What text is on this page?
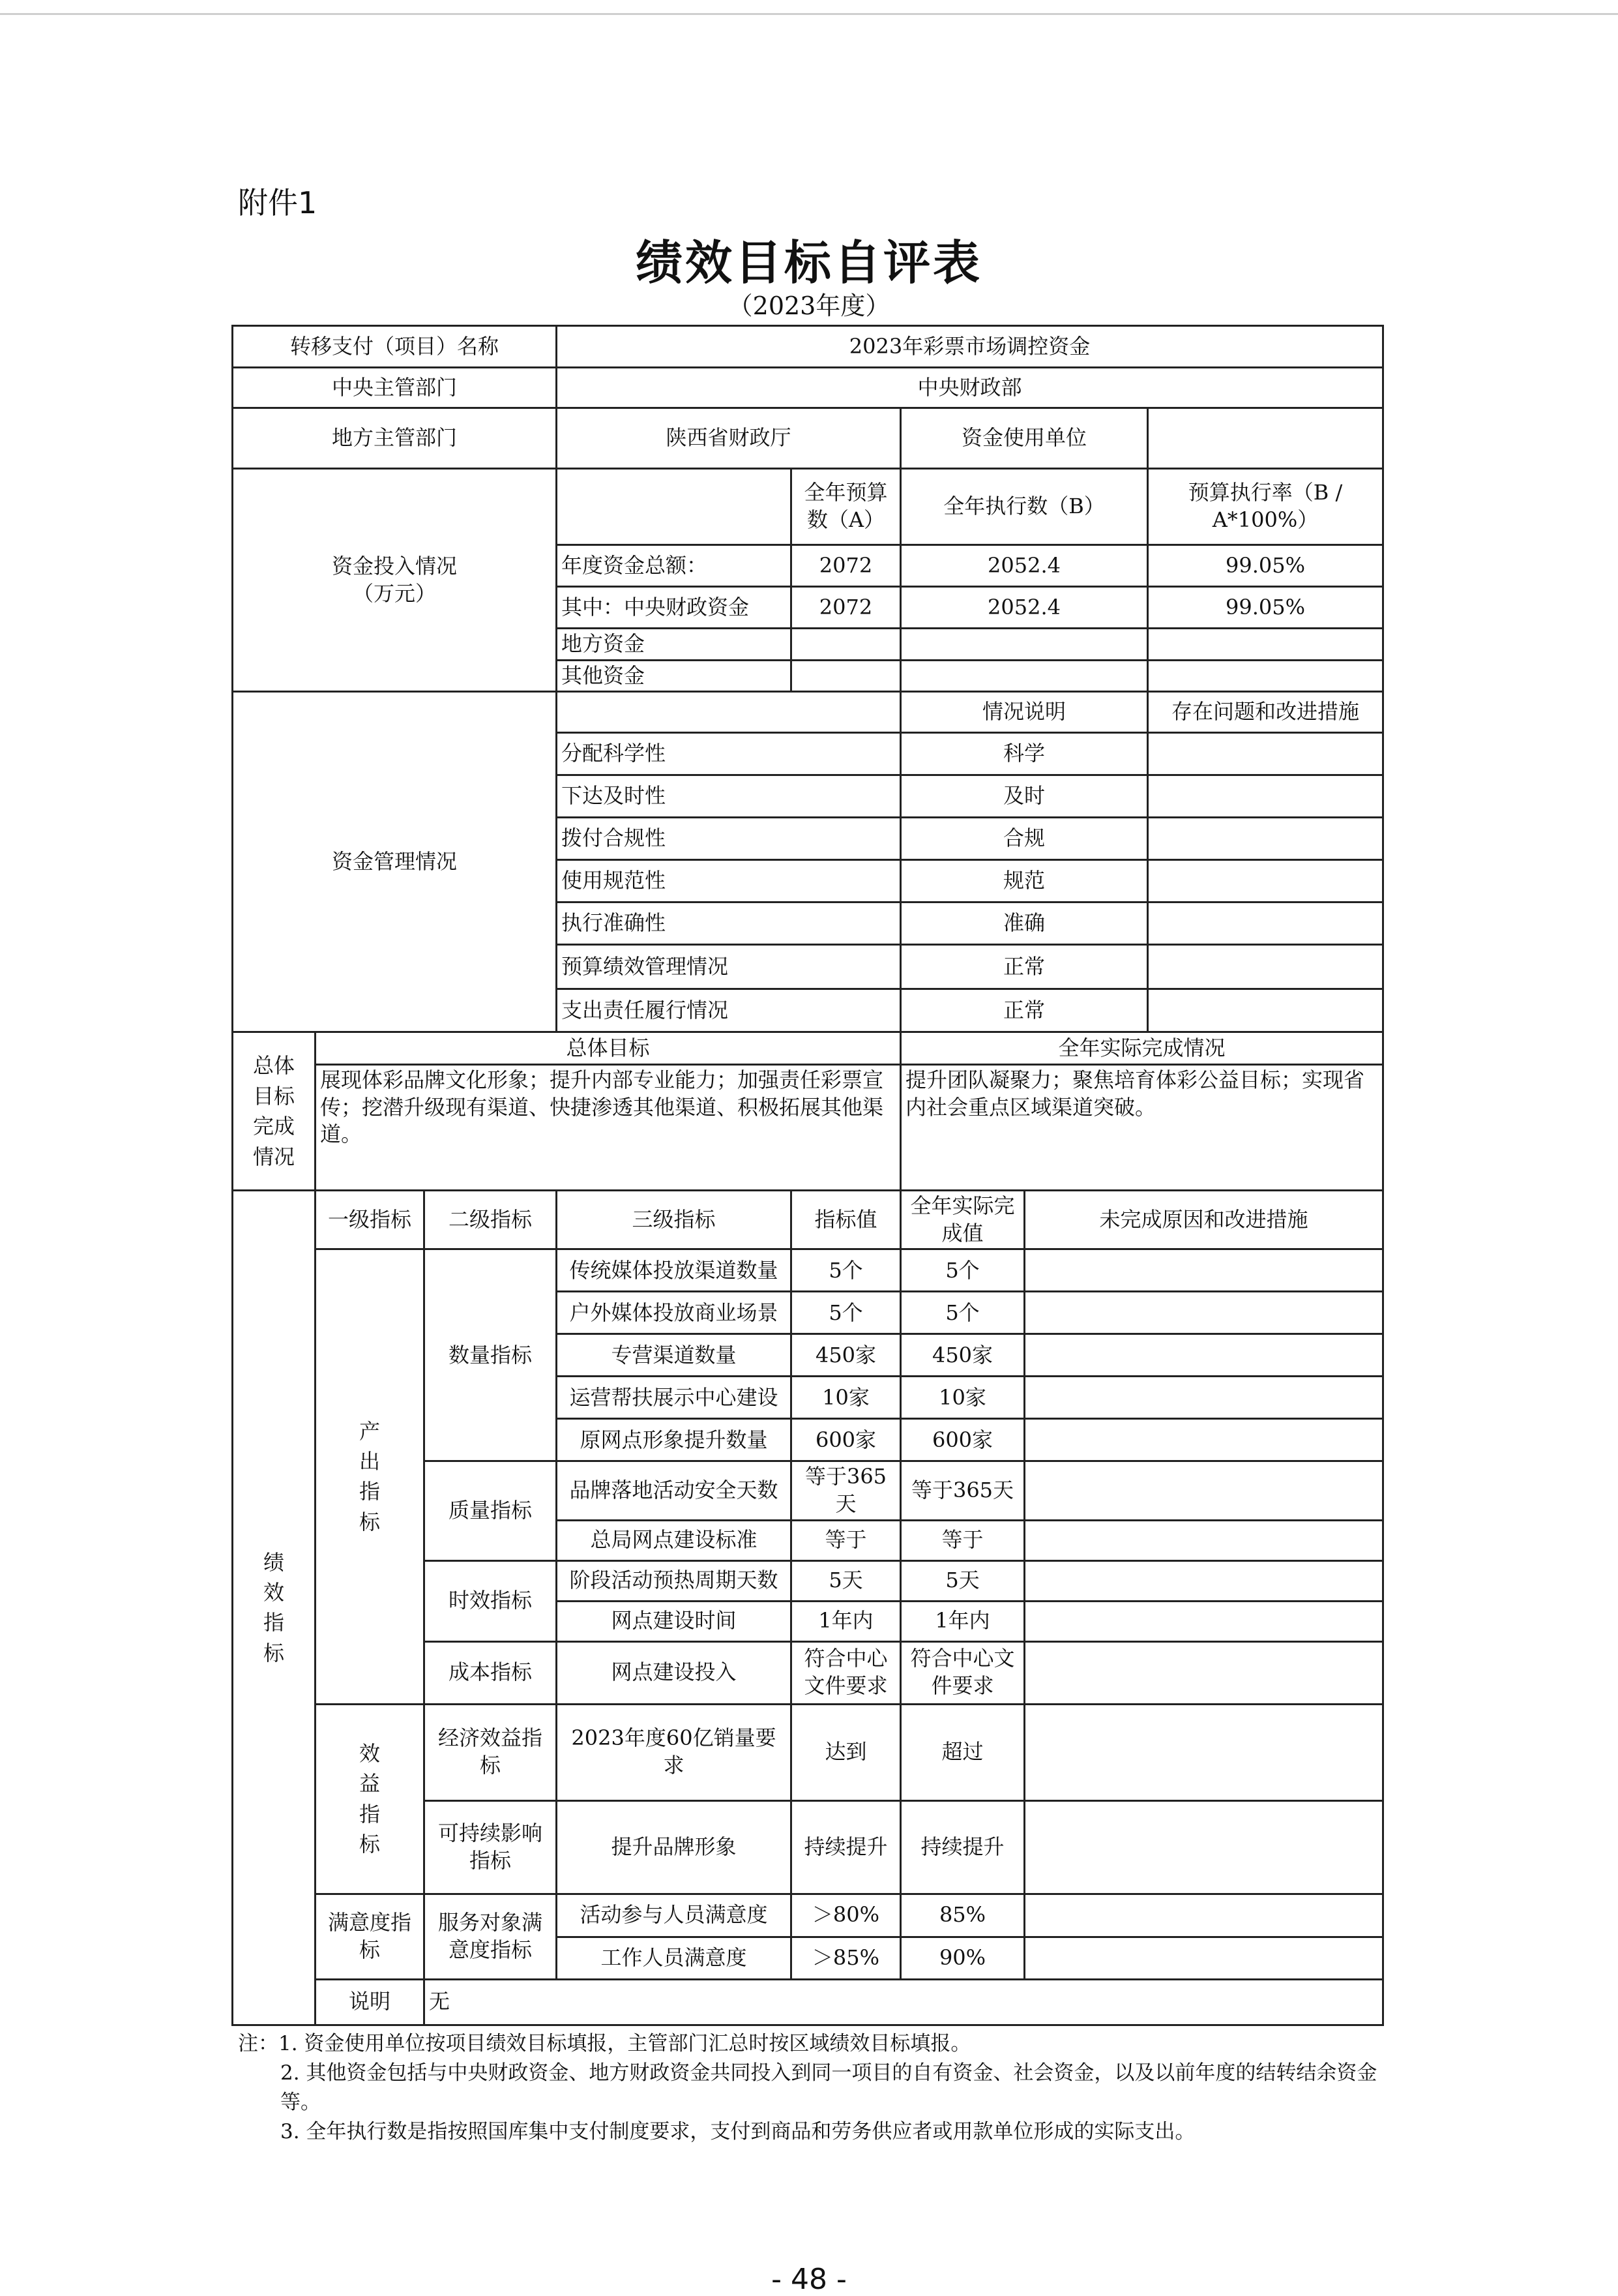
附件1
绩效目标自评表
（2023年度）
转移支付（项目）名称			2023年彩票市场调控资金				
中央主管部门			中央财政部				
地方主管部门			陕西省财政厅		资金使用单位		
资金投入情况
（万元）				全年预算数（A）	全年执行数（B）		预算执行率（B / A*100%）
			年度资金总额：	2072	2052.4		99.05%
			其中：中央财政资金	2072	2052.4		99.05%
			地方资金				
			其他资金				
资金管理情况					情况说明		存在问题和改进措施
			分配科学性		科学		
			下达及时性		及时		
			拨付合规性		合规		
			使用规范性		规范		
			执行准确性		准确		
			预算绩效管理情况		正常		
			支出责任履行情况		正常		
总体目标完成情况	总体目标				全年实际完成情况		
	展现体彩品牌文化形象；提升内部专业能力；加强责任彩票宣传；挖潜升级现有渠道、快捷渗透其他渠道、积极拓展其他渠道。				提升团队凝聚力；聚焦培育体彩公益目标；实现省内社会重点区域渠道突破。		
绩效指标	一级指标	二级指标	三级指标	指标值	全年实际完成值	未完成原因和改进措施	
	产出指标	数量指标	传统媒体投放渠道数量	5个	5个		
			户外媒体投放商业场景	5个	5个		
			专营渠道数量	450家	450家		
			运营帮扶展示中心建设	10家	10家		
			原网点形象提升数量	600家	600家		
		质量指标	品牌落地活动安全天数	等于365天	等于365天		
			总局网点建设标准	等于	等于		
		时效指标	阶段活动预热周期天数	5天	5天		
			网点建设时间	1年内	1年内		
		成本指标	网点建设投入	符合中心文件要求	符合中心文件要求		
	效益指标	经济效益指标	2023年度60亿销量要求	达到	超过		
		可持续影响指标	提升品牌形象	持续提升	持续提升		
	满意度指标	服务对象满意度指标	活动参与人员满意度	＞80%	85%		
			工作人员满意度	＞85%	90%		
	说明	无					
注：1. 资金使用单位按项目绩效目标填报，主管部门汇总时按区域绩效目标填报。
2. 其他资金包括与中央财政资金、地方财政资金共同投入到同一项目的自有资金、社会资金，以及以前年度的结转结余资金等。
3. 全年执行数是指按照国库集中支付制度要求，支付到商品和劳务供应者或用款单位形成的实际支出。
- 48 -
